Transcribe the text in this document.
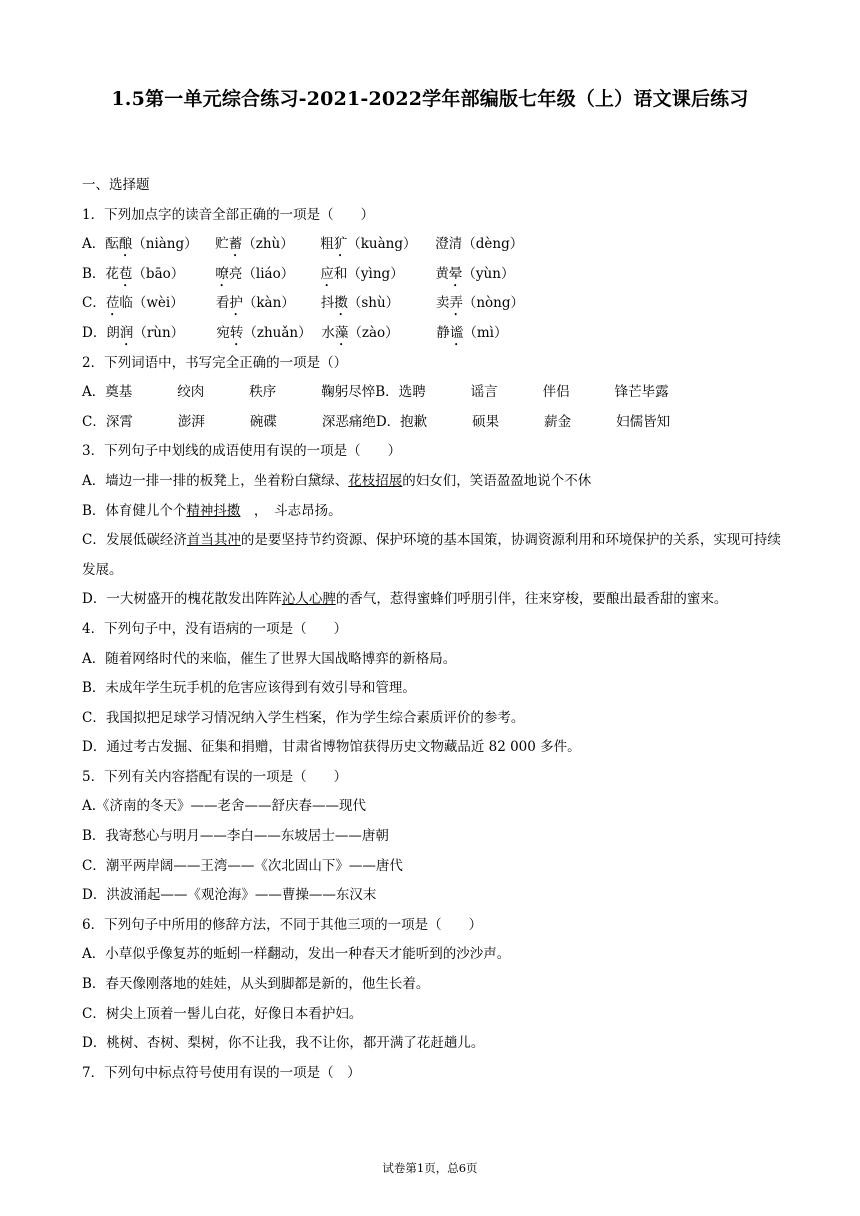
1.5第一单元综合练习-2021-2022学年部编版七年级（上）语文课后练习
一、选择题
1．下列加点字的读音全部正确的一项是（　　）
A．酝酿（niàng） 贮蓄（zhù） 粗犷（kuàng） 澄清（dèng）
B．花苞（bāo） 嘹亮（liáo） 应和（yìng） 黄晕（yùn）
C．莅临（wèi） 看护（kàn） 抖擞（shù）	卖弄（nòng）
D．朗润（rùn） 宛转（zhuǎn） 水藻（zào）	静谧（mì）
2．下列词语中，书写完全正确的一项是（）
A．奠基	绞肉	秩序	鞠躬尽悴B．选聘	谣言	伴侣	锋芒毕露
C．深霄	澎湃	碗碟	深恶痛绝D．抱歉	硕果	薪金	妇儒皆知
3．下列句子中划线的成语使用有误的一项是（　　）
A．墙边一排一排的板凳上，坐着粉白黛绿、花枝招展的妇女们，笑语盈盈地说个不休
B．体育健儿个个精神抖擞　，　斗志昂扬。
C．发展低碳经济首当其冲的是要坚持节约资源、保护环境的基本国策，协调资源利用和环境保护的关系，实现可持续发展。
D．一大树盛开的槐花散发出阵阵沁人心脾的香气，惹得蜜蜂们呼朋引伴，往来穿梭，要酿出最香甜的蜜来。
4．下列句子中，没有语病的一项是（　　）
A．随着网络时代的来临，催生了世界大国战略博弈的新格局。
B．未成年学生玩手机的危害应该得到有效引导和管理。
C．我国拟把足球学习情况纳入学生档案，作为学生综合素质评价的参考。
D．通过考古发掘、征集和捐赠，甘肃省博物馆获得历史文物藏品近 82 000 多件。
5．下列有关内容搭配有误的一项是（　　）
A.《济南的冬天》——老舍——舒庆春——现代
B．我寄愁心与明月——李白——东坡居士——唐朝
C．潮平两岸阔——王湾——《次北固山下》——唐代
D．洪波涌起——《观沧海》——曹操——东汉末
6．下列句子中所用的修辞方法，不同于其他三项的一项是（　　）
A．小草似乎像复苏的蚯蚓一样翻动，发出一种春天才能听到的沙沙声。
B．春天像刚落地的娃娃，从头到脚都是新的，他生长着。
C．树尖上顶着一髻儿白花，好像日本看护妇。
D．桃树、杏树、梨树，你不让我，我不让你，都开满了花赶趟儿。
7．下列句中标点符号使用有误的一项是（　）
试卷第1页，总6页
